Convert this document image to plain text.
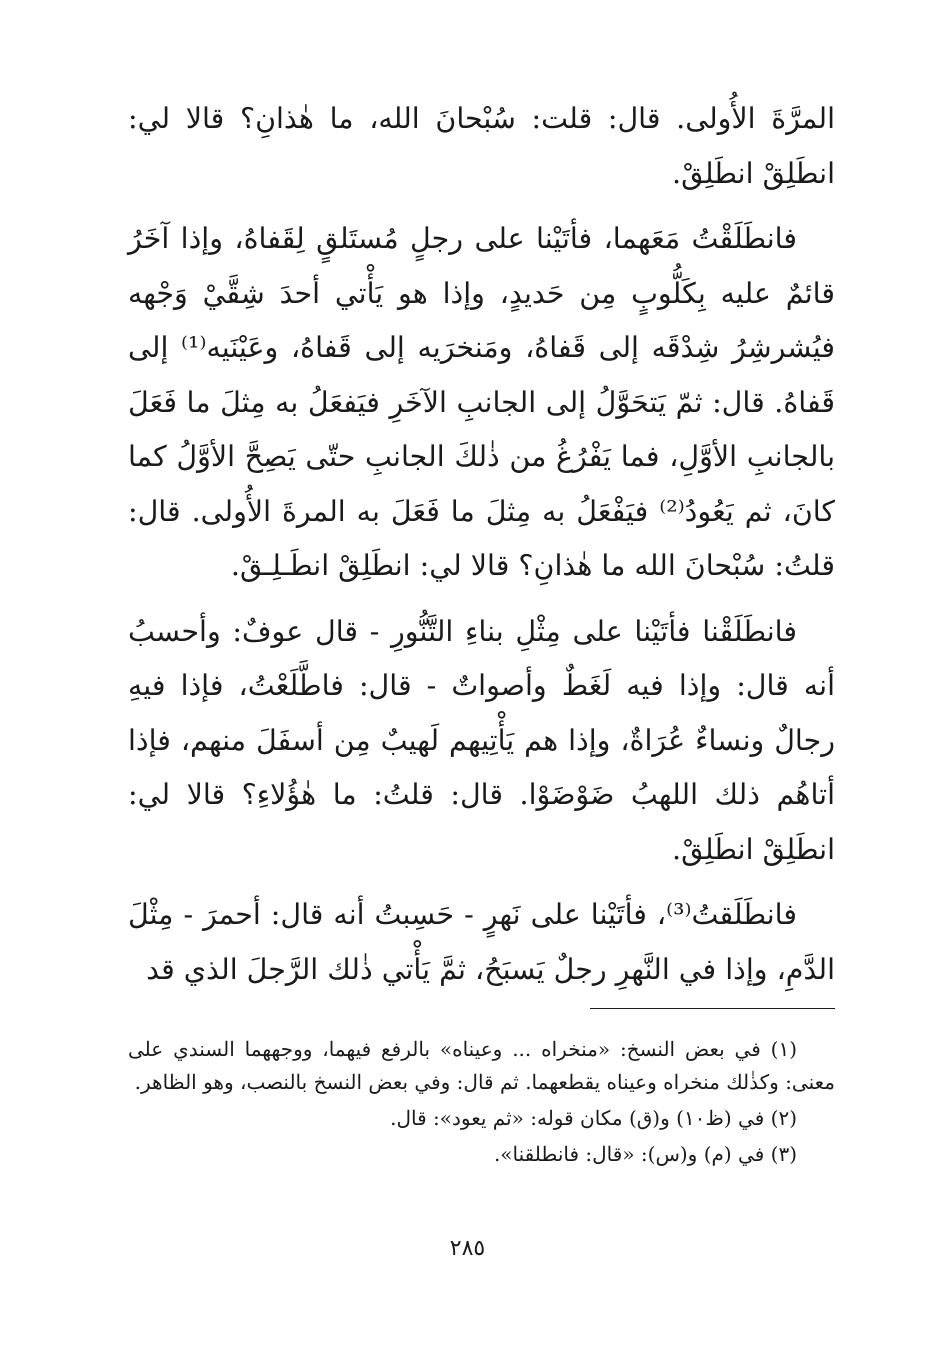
المرَّةَ الأُولى. قال: قلت: سُبْحانَ الله، ما هٰذانِ؟ قالا لي: انطَلِقْ انطَلِقْ.

فانطَلَقْتُ مَعَهما، فأتَيْنا على رجلٍ مُستَلقٍ لِقَفاهُ، وإذا آخَرُ قائمٌ عليه بِكَلُّوبٍ مِن حَديدٍ، وإذا هو يَأْتي أحدَ شِقَّيْ وَجْهه فيُشرشِرُ شِدْقَه إلى قَفاهُ، ومَنخرَيه إلى قَفاهُ، وعَيْنَيه⁽¹⁾ إلى قَفاهُ. قال: ثمّ يَتحَوَّلُ إلى الجانبِ الآخَرِ فيَفعَلُ به مِثلَ ما فَعَلَ بالجانبِ الأوَّلِ، فما يَفْرُغُ من ذٰلكَ الجانبِ حتّى يَصِحَّ الأوَّلُ كما كانَ، ثم يَعُودُ⁽²⁾ فيَفْعَلُ به مِثلَ ما فَعَلَ به المرةَ الأُولى. قال: قلتُ: سُبْحانَ الله ما هٰذانِ؟ قالا لي: انطَلِقْ انطَـلِـقْ.

فانطَلَقْنا فأتَيْنا على مِثْلِ بناءِ التَّنُّورِ - قال عوفٌ: وأحسبُ أنه قال: وإذا فيه لَغَطٌ وأصواتٌ - قال: فاطَّلَعْتُ، فإذا فيهِ رجالٌ ونساءٌ عُرَاةٌ، وإذا هم يَأْتِيهم لَهيبٌ مِن أسفَلَ منهم، فإذا أتاهُم ذلك اللهبُ ضَوْضَوْا. قال: قلتُ: ما هٰؤُلاءِ؟ قالا لي: انطَلِقْ انطَلِقْ.

فانطَلَقتُ⁽³⁾، فأتَيْنا على نَهرٍ - حَسِبتُ أنه قال: أحمرَ - مِثْلَ الدَّمِ، وإذا في النَّهرِ رجلٌ يَسبَحُ، ثمَّ يَأْتي ذٰلك الرَّجلَ الذي قد

(١) في بعض النسخ: «منخراه ... وعيناه» بالرفع فيهما، ووجههما السندي على معنى: وكذٰلك منخراه وعيناه يقطعهما. ثم قال: وفي بعض النسخ بالنصب، وهو الظاهر.

(٢) في (ظ١٠) و(ق) مكان قوله: «ثم يعود»: قال.

(٣) في (م) و(س): «قال: فانطلقنا».

٢٨٥
